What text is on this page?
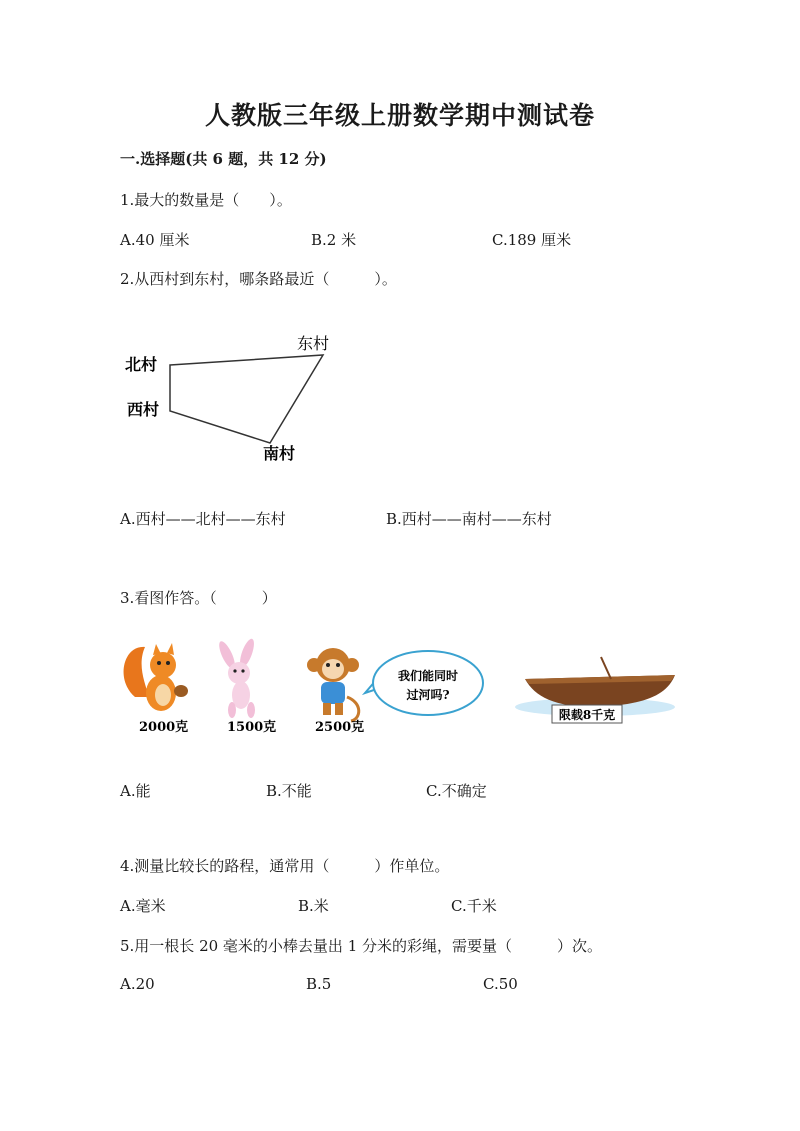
人教版三年级上册数学期中测试卷
一.选择题(共 6 题，共 12 分)
1.最大的数量是（　　）。
A.40 厘米	B.2 米	C.189 厘米
2.从西村到东村，哪条路最近（　　　）。
北村
西村
东村
南村
A.西村——北村——东村	B.西村——南村——东村
3.看图作答。（　　　）
2000克	1500克	2500克
我们能同时
过河吗?
限载8千克
A.能	B.不能	C.不确定
4.测量比较长的路程，通常用（　　　）作单位。
A.毫米	B.米	C.千米
5.用一根长 20 毫米的小棒去量出 1 分米的彩绳，需要量（　　　）次。
A.20	B.5	C.50
